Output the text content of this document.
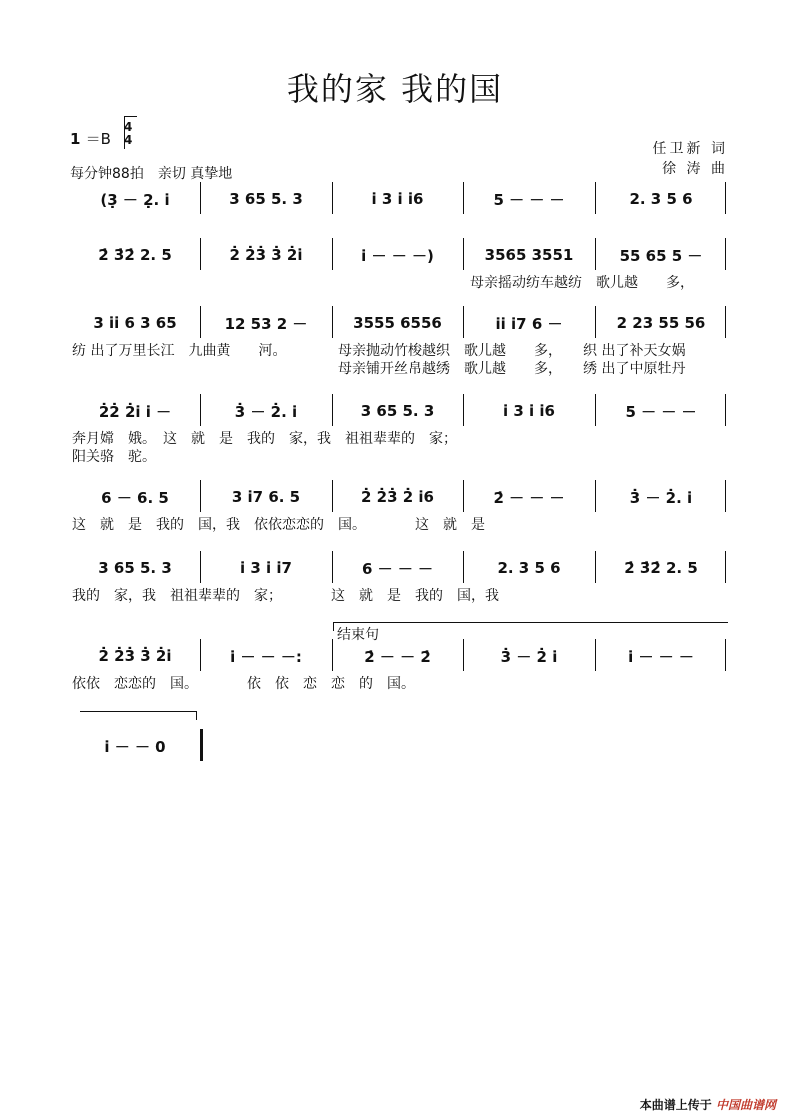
我的家 我的国
1 ＝B
4
4
每分钟88拍　亲切 真挚地
任卫新 词
徐 涛 曲
(3̣ － 2̣. i̇	3 65 5. 3	i̇ 3 i̇ i̇6	5 － － －	2. 3 5 6
2̇ 3̇2̇ 2. 5	2̇ 2̇3̇ 3̇ 2̇i̇	i̇ － － －)	3565 3551	55 65 5 －
母亲摇动纺车越纺　歌儿越　　多，
3 i̇i̇ 6 3 65	12 53 2 －	3555 6556	i̇i̇ i̇7 6 －	2 23 55 56
纺 出了万里长江　九曲黄　　河。	母亲抛动竹梭越织　歌儿越　　多，　　织 出了补天女娲
母亲铺开丝帛越绣　歌儿越　　多，　　绣 出了中原牡丹
2̇2̇ 2̇i̇ i̇ －	3̇ － 2̇. i̇	3 65 5. 3	i̇ 3 i̇ i̇6	5 － － －
奔月嫦　娥。　这　就　是　我的　家，我　祖祖辈辈的　家；
阳关骆　驼。
6 － 6. 5	3 i̇7 6. 5	2̇ 2̇3̇ 2̇ i̇6	2̇ － － －	3̇ － 2̇. i̇
这　就　是　我的　国，我　依依恋恋的　国。　　　　这　就　是
3 65 5. 3	i̇ 3 i̇ i̇7	6 － － －	2. 3 5 6	2̇ 3̇2̇ 2. 5
我的　家，我　祖祖辈辈的　家；　　　　这　就　是　我的　国，我
2̇ 2̇3̇ 3̇ 2̇i̇	i̇ － － －:	2̇ － － 2̇	3̇ － 2̇ i̇	i̇ － － －
依依　恋恋的　国。　　　　依　依　恋　恋　的　国。
i̇ － － 0
结束句
本曲谱上传于 中国曲谱网
